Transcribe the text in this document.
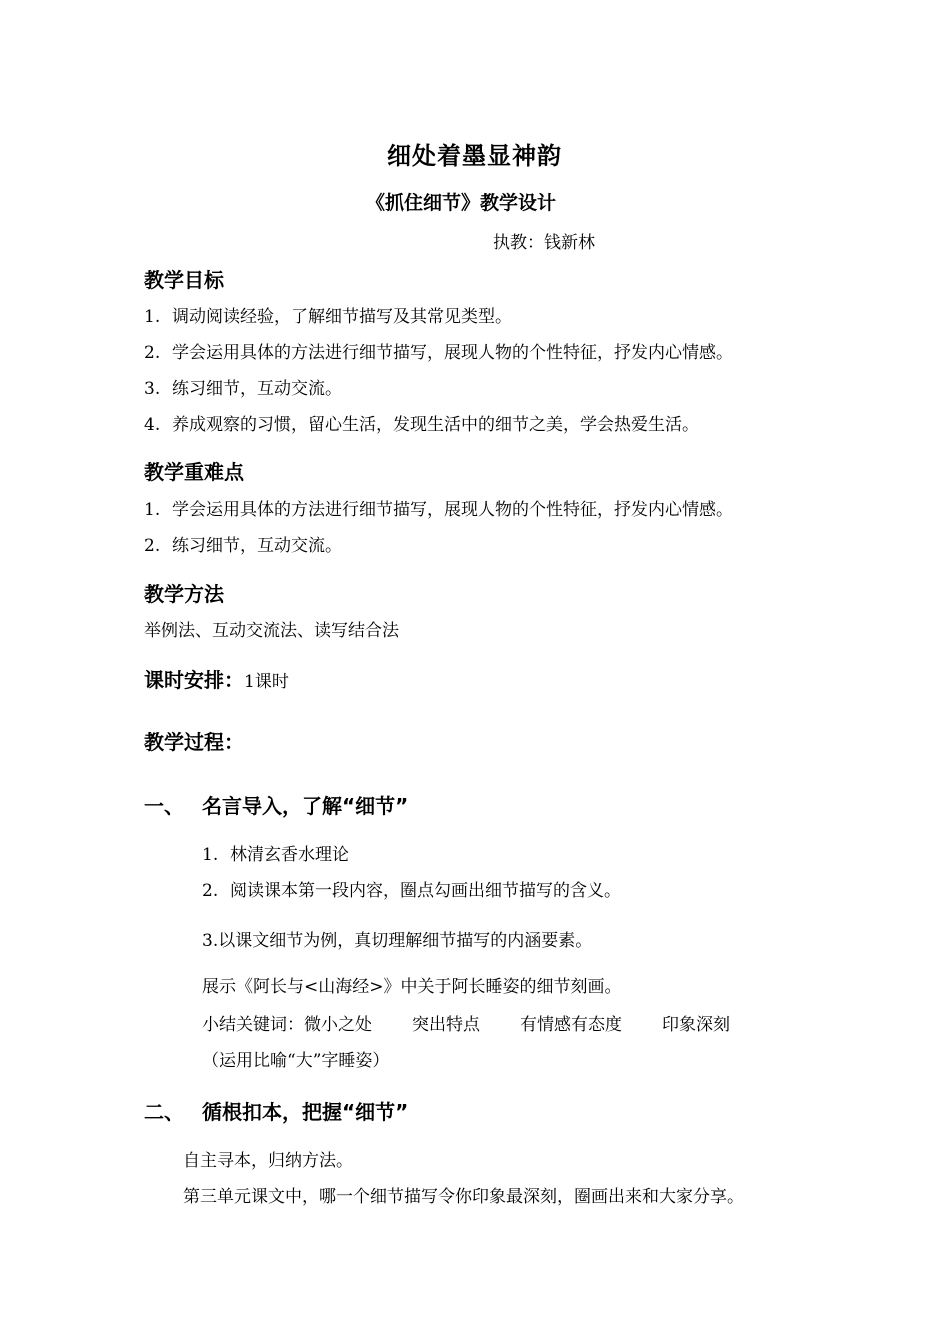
细处着墨显神韵
《抓住细节》教学设计
执教：钱新林
教学目标
1. 调动阅读经验，了解细节描写及其常见类型。
2. 学会运用具体的方法进行细节描写，展现人物的个性特征，抒发内心情感。
3. 练习细节，互动交流。
4. 养成观察的习惯，留心生活，发现生活中的细节之美，学会热爱生活。
教学重难点
1. 学会运用具体的方法进行细节描写，展现人物的个性特征，抒发内心情感。
2. 练习细节，互动交流。
教学方法
举例法、互动交流法、读写结合法
课时安排：1课时
教学过程：
一、 名言导入，了解“细节”
1. 林清玄香水理论
2. 阅读课本第一段内容，圈点勾画出细节描写的含义。
3.以课文细节为例，真切理解细节描写的内涵要素。
展示《阿长与<山海经>》中关于阿长睡姿的细节刻画。
小结关键词：微小之处 突出特点 有情感有态度 印象深刻
（运用比喻“大”字睡姿）
二、 循根扣本，把握“细节”
自主寻本，归纳方法。
第三单元课文中，哪一个细节描写令你印象最深刻，圈画出来和大家分享。
